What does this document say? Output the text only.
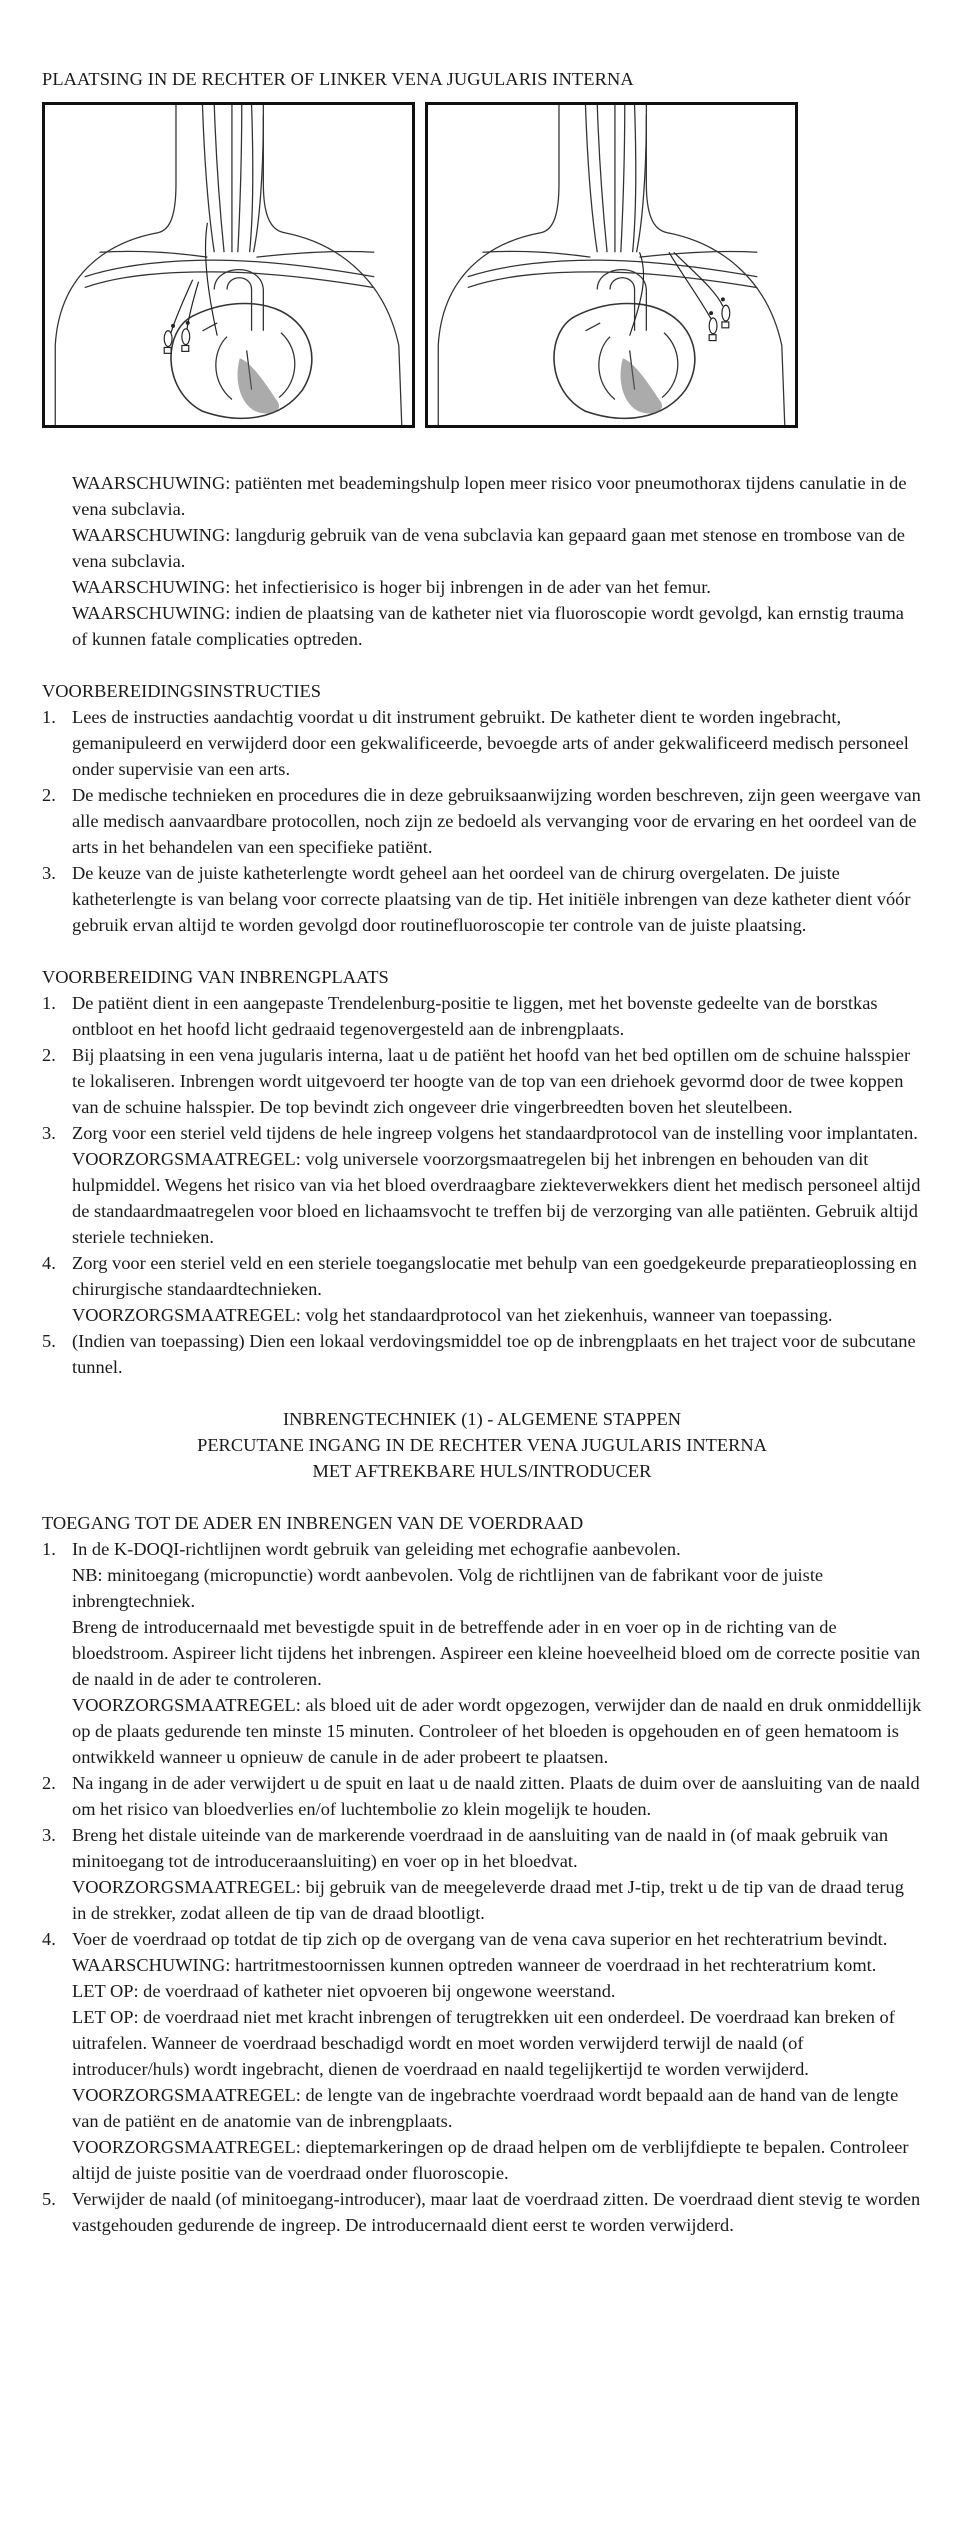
PLAATSING IN DE RECHTER OF LINKER VENA JUGULARIS INTERNA

WAARSCHUWING: patiënten met beademingshulp lopen meer risico voor pneumothorax tijdens canulatie in de vena subclavia.

WAARSCHUWING: langdurig gebruik van de vena subclavia kan gepaard gaan met stenose en trombose van de vena subclavia.

WAARSCHUWING: het infectierisico is hoger bij inbrengen in de ader van het femur.

WAARSCHUWING: indien de plaatsing van de katheter niet via fluoroscopie wordt gevolgd, kan ernstig trauma of kunnen fatale complicaties optreden.

VOORBEREIDINGSINSTRUCTIES

1. Lees de instructies aandachtig voordat u dit instrument gebruikt. De katheter dient te worden ingebracht, gemanipuleerd en verwijderd door een gekwalificeerde, bevoegde arts of ander gekwalificeerd medisch personeel onder supervisie van een arts.

2. De medische technieken en procedures die in deze gebruiksaanwijzing worden beschreven, zijn geen weergave van alle medisch aanvaardbare protocollen, noch zijn ze bedoeld als vervanging voor de ervaring en het oordeel van de arts in het behandelen van een specifieke patiënt.

3. De keuze van de juiste katheterlengte wordt geheel aan het oordeel van de chirurg overgelaten. De juiste katheterlengte is van belang voor correcte plaatsing van de tip. Het initiële inbrengen van deze katheter dient vóór gebruik ervan altijd te worden gevolgd door routinefluoroscopie ter controle van de juiste plaatsing.

VOORBEREIDING VAN INBRENGPLAATS

1. De patiënt dient in een aangepaste Trendelenburg-positie te liggen, met het bovenste gedeelte van de borstkas ontbloot en het hoofd licht gedraaid tegenovergesteld aan de inbrengplaats.

2. Bij plaatsing in een vena jugularis interna, laat u de patiënt het hoofd van het bed optillen om de schuine halsspier te lokaliseren. Inbrengen wordt uitgevoerd ter hoogte van de top van een driehoek gevormd door de twee koppen van de schuine halsspier. De top bevindt zich ongeveer drie vingerbreedten boven het sleutelbeen.

3. Zorg voor een steriel veld tijdens de hele ingreep volgens het standaardprotocol van de instelling voor implantaten.

VOORZORGSMAATREGEL: volg universele voorzorgsmaatregelen bij het inbrengen en behouden van dit hulpmiddel. Wegens het risico van via het bloed overdraagbare ziekteverwekkers dient het medisch personeel altijd de standaardmaatregelen voor bloed en lichaamsvocht te treffen bij de verzorging van alle patiënten. Gebruik altijd steriele technieken.

4. Zorg voor een steriel veld en een steriele toegangslocatie met behulp van een goedgekeurde preparatieoplossing en chirurgische standaardtechnieken.

VOORZORGSMAATREGEL: volg het standaardprotocol van het ziekenhuis, wanneer van toepassing.

5. (Indien van toepassing) Dien een lokaal verdovingsmiddel toe op de inbrengplaats en het traject voor de subcutane tunnel.

INBRENGTECHNIEK (1) - ALGEMENE STAPPEN

PERCUTANE INGANG IN DE RECHTER VENA JUGULARIS INTERNA

MET AFTREKBARE HULS/INTRODUCER

TOEGANG TOT DE ADER EN INBRENGEN VAN DE VOERDRAAD

1. In de K-DOQI-richtlijnen wordt gebruik van geleiding met echografie aanbevolen.

NB: minitoegang (micropunctie) wordt aanbevolen. Volg de richtlijnen van de fabrikant voor de juiste inbrengtechniek.

Breng de introducernaald met bevestigde spuit in de betreffende ader in en voer op in de richting van de bloedstroom. Aspireer licht tijdens het inbrengen. Aspireer een kleine hoeveelheid bloed om de correcte positie van de naald in de ader te controleren.

VOORZORGSMAATREGEL: als bloed uit de ader wordt opgezogen, verwijder dan de naald en druk onmiddellijk op de plaats gedurende ten minste 15 minuten. Controleer of het bloeden is opgehouden en of geen hematoom is ontwikkeld wanneer u opnieuw de canule in de ader probeert te plaatsen.

2. Na ingang in de ader verwijdert u de spuit en laat u de naald zitten. Plaats de duim over de aansluiting van de naald om het risico van bloedverlies en/of luchtembolie zo klein mogelijk te houden.

3. Breng het distale uiteinde van de markerende voerdraad in de aansluiting van de naald in (of maak gebruik van minitoegang tot de introduceraansluiting) en voer op in het bloedvat.

VOORZORGSMAATREGEL: bij gebruik van de meegeleverde draad met J-tip, trekt u de tip van de draad terug in de strekker, zodat alleen de tip van de draad blootligt.

4. Voer de voerdraad op totdat de tip zich op de overgang van de vena cava superior en het rechteratrium bevindt.

WAARSCHUWING: hartritmestoornissen kunnen optreden wanneer de voerdraad in het rechteratrium komt.

LET OP: de voerdraad of katheter niet opvoeren bij ongewone weerstand.

LET OP: de voerdraad niet met kracht inbrengen of terugtrekken uit een onderdeel. De voerdraad kan breken of uitrafelen. Wanneer de voerdraad beschadigd wordt en moet worden verwijderd terwijl de naald (of introducer/huls) wordt ingebracht, dienen de voerdraad en naald tegelijkertijd te worden verwijderd.

VOORZORGSMAATREGEL: de lengte van de ingebrachte voerdraad wordt bepaald aan de hand van de lengte van de patiënt en de anatomie van de inbrengplaats.

VOORZORGSMAATREGEL: dieptemarkeringen op de draad helpen om de verblijfdiepte te bepalen. Controleer altijd de juiste positie van de voerdraad onder fluoroscopie.

5. Verwijder de naald (of minitoegang-introducer), maar laat de voerdraad zitten. De voerdraad dient stevig te worden vastgehouden gedurende de ingreep. De introducernaald dient eerst te worden verwijderd.
